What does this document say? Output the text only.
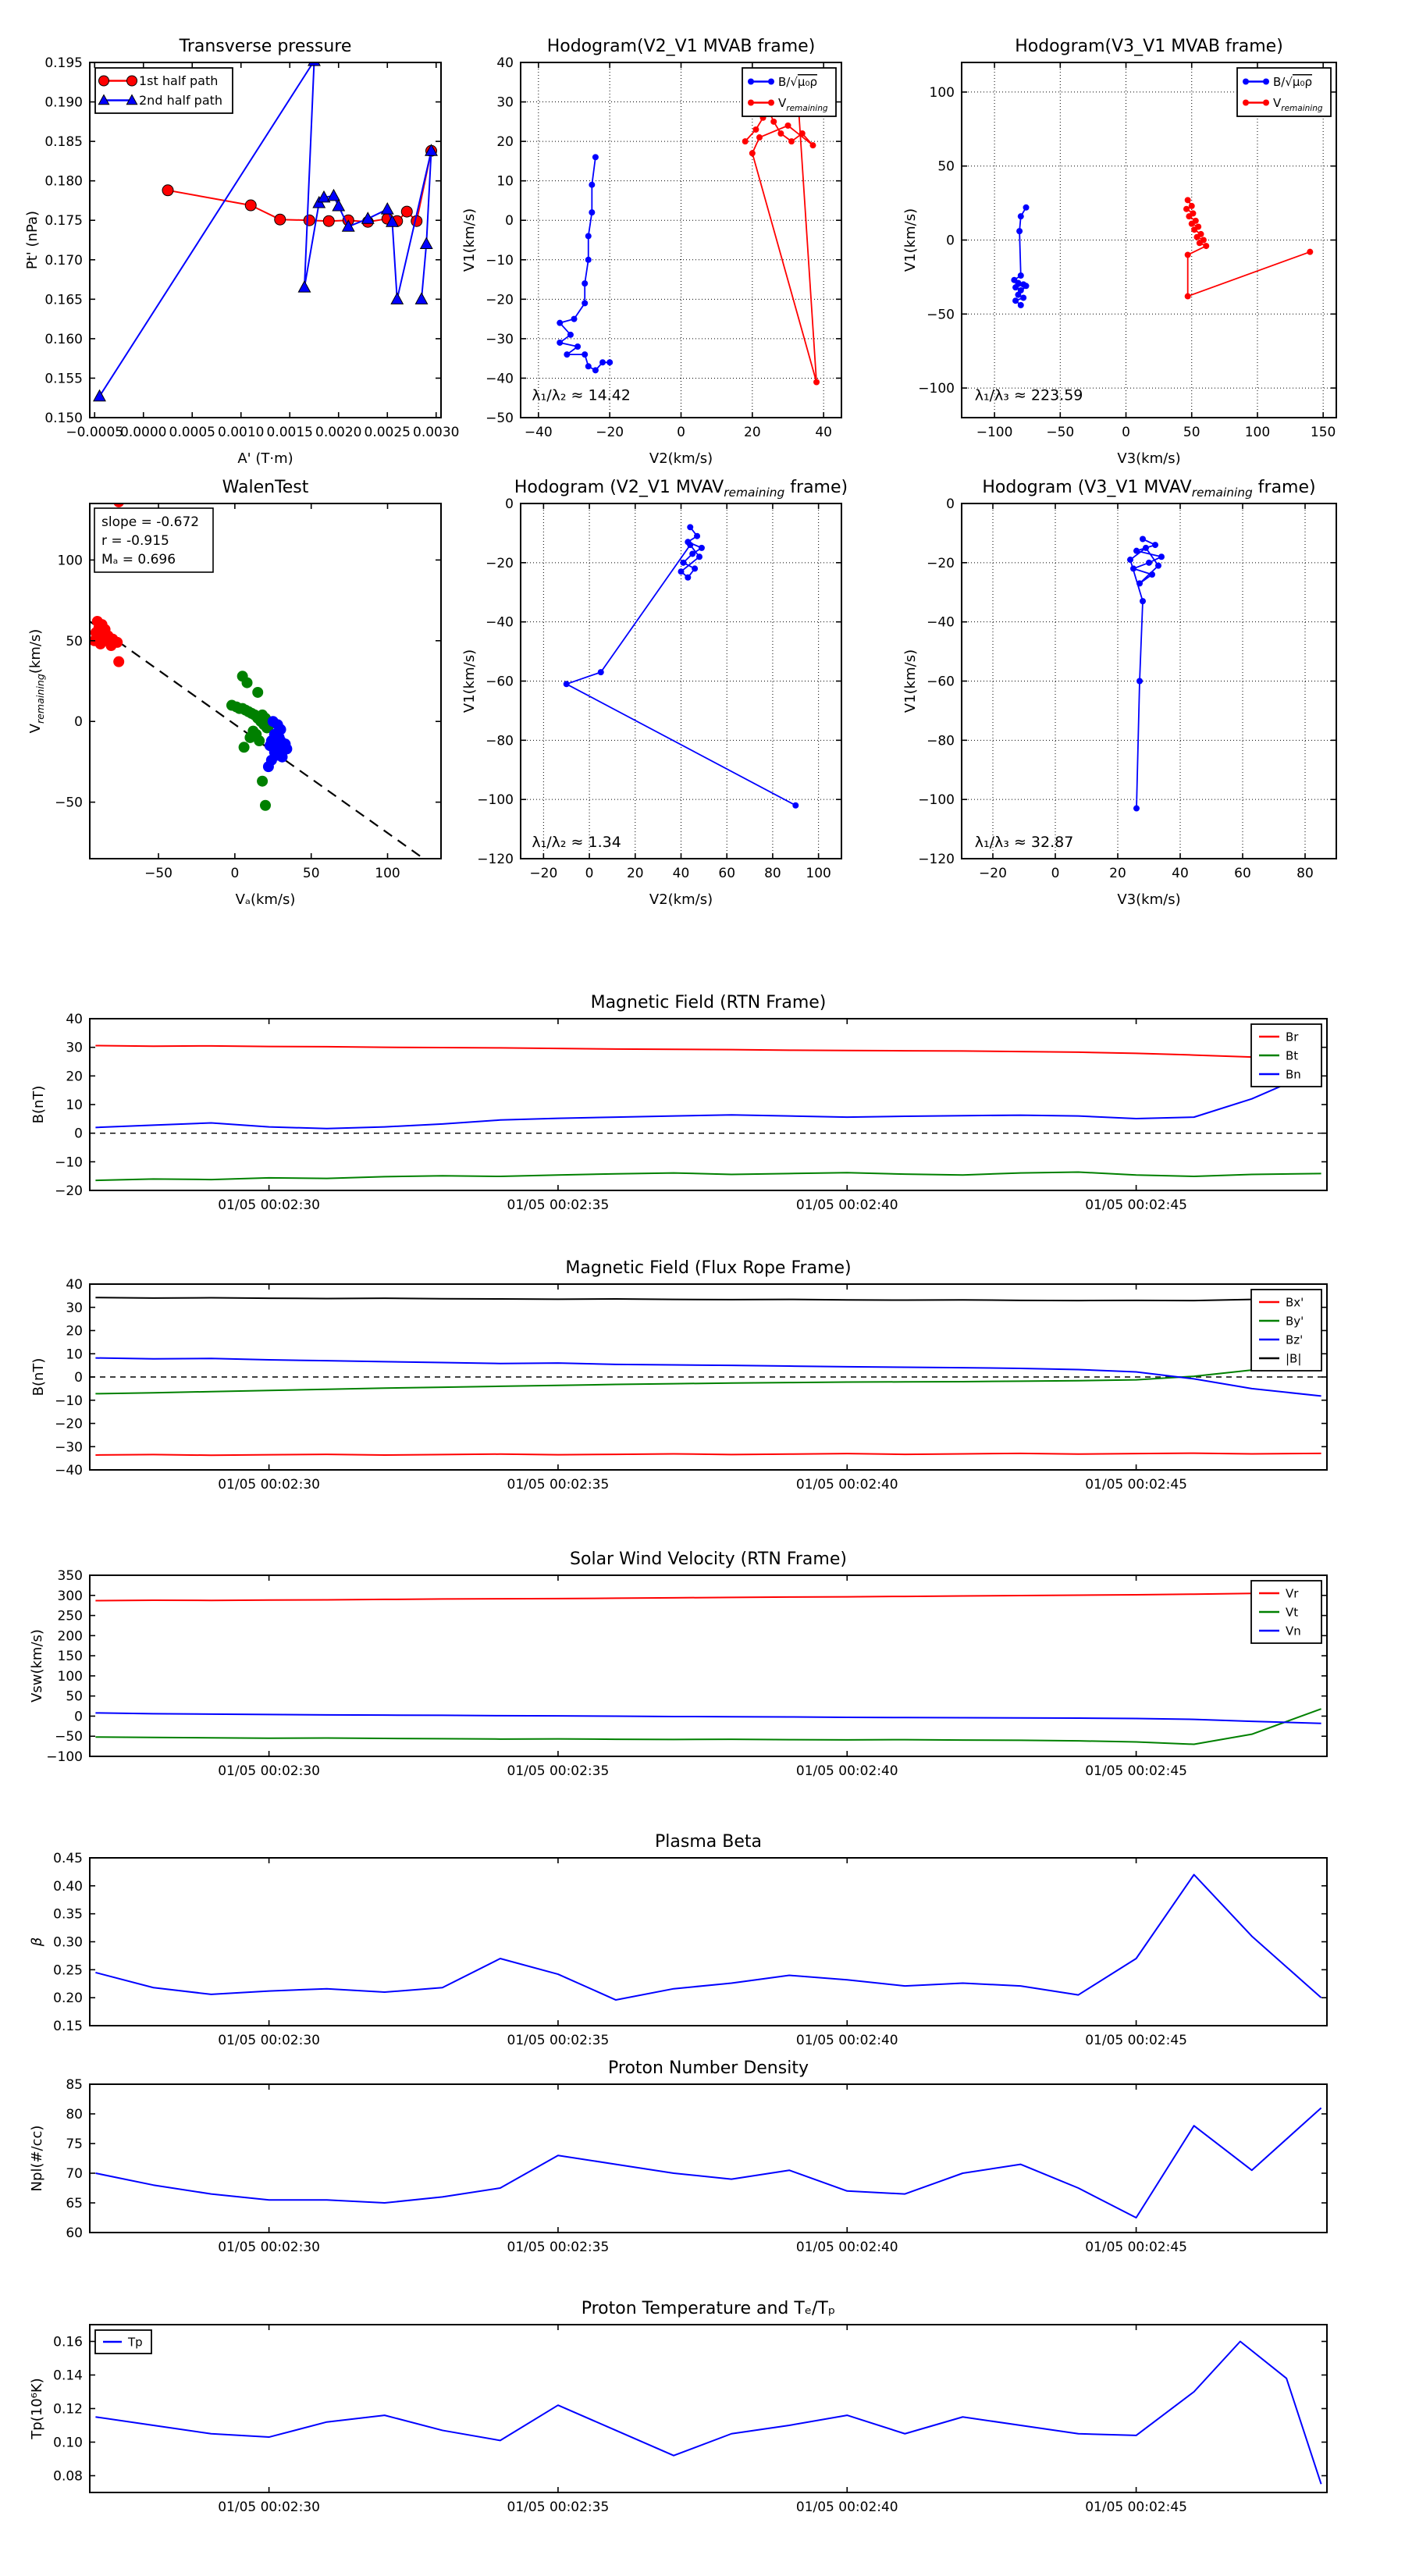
−0.0005
0.0000 0.0005 0.0010 0.0015 0.0020 0.0025 0.0030
0.150
0.155
0.160
0.165
0.170
0.175
0.180
0.185
0.190
0.195
Transverse pressure
A' (T·m)
Pt' (nPa)
1st half path
2nd half path
−40	−20	0	20	40
−50
−40
−30
−20
−10
0
10
20
30
40
Hodogram(V2_V1 MVAB frame)
V2(km/s)
V1(km/s)
λ₁/λ₂ ≈ 14.42
B/√μ₀ρ
$V_{remaining}$
−100	−50	0	50	100	150
−100
−50
0
50
100
Hodogram(V3_V1 MVAB frame)
V3(km/s)
V1(km/s)
λ₁/λ₃ ≈ 223.59
B/√μ₀ρ
$V_{remaining}$
−50	0	50	100
−50
0
50
100
WalenTest
Vₐ(km/s)
$V_{remaining}(km/s)$
slope = -0.672
r = -0.915
Mₐ = 0.696
−20 0 20 40 60 80 100
−120
−100
−80
−60
−40
−20
0
Hodogram (V2_V1 $MVAV_{remaining}$ frame)
V2(km/s)
V1(km/s)
λ₁/λ₂ ≈ 1.34
−20	0	20	40	60	80
−120
−100
−80
−60
−40
−20
0
Hodogram (V3_V1 $MVAV_{remaining}$ frame)
V3(km/s)
V1(km/s)
λ₁/λ₃ ≈ 32.87
01/05 00:02:30	01/05 00:02:35	01/05 00:02:40	01/05 00:02:45
−20
−10
0
10
20
30
40
Magnetic Field (RTN Frame)
B(nT)
Br
Bt
Bn
01/05 00:02:30	01/05 00:02:35	01/05 00:02:40	01/05 00:02:45
−40
−30
−20
−10
0
10
20
30
40
Magnetic Field (Flux Rope Frame)
B(nT)
Bx'
By'
Bz'
|B|
01/05 00:02:30	01/05 00:02:35	01/05 00:02:40	01/05 00:02:45
−100
−50
0
50
100
150
200
250
300
350
Solar Wind Velocity (RTN Frame)
Vsw(km/s)
Vr
Vt
Vn
01/05 00:02:30	01/05 00:02:35	01/05 00:02:40	01/05 00:02:45
0.15
0.20
0.25
0.30
0.35
0.40
0.45
Plasma Beta
β
01/05 00:02:30	01/05 00:02:35	01/05 00:02:40	01/05 00:02:45
60
65
70
75
80
85
Proton Number Density
Npl(#/cc)
01/05 00:02:30	01/05 00:02:35	01/05 00:02:40	01/05 00:02:45
0.08
0.10
0.12
0.14
0.16
Proton Temperature and Tₑ/Tₚ
Tp(10⁶K)
Tp
